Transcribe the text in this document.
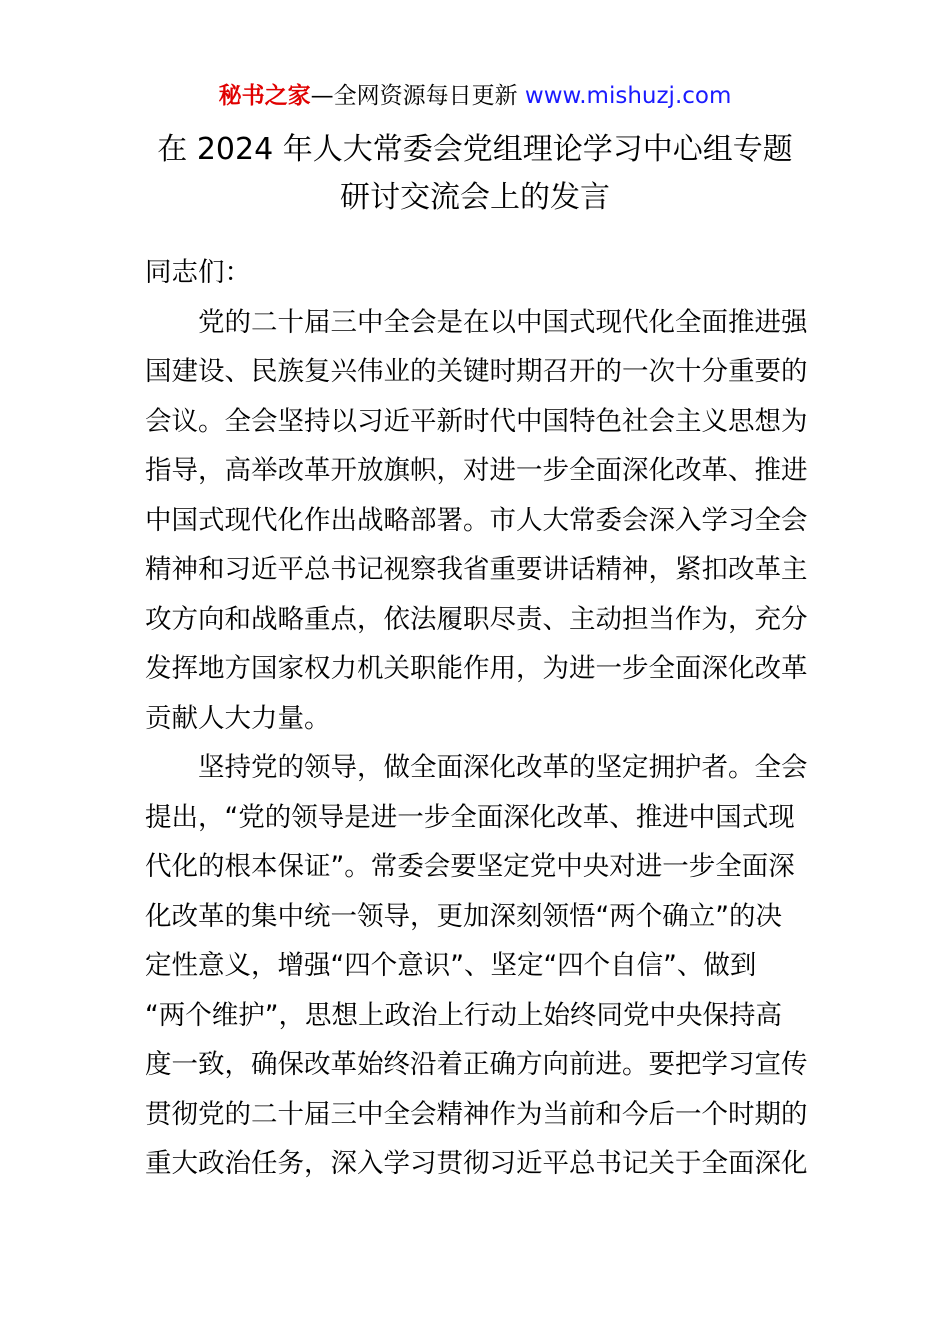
秘书之家—全网资源每日更新 www.mishuzj.com
在 2024 年人大常委会党组理论学习中心组专题
研讨交流会上的发言
同志们：
党的二十届三中全会是在以中国式现代化全面推进强
国建设、民族复兴伟业的关键时期召开的一次十分重要的
会议。全会坚持以习近平新时代中国特色社会主义思想为
指导，高举改革开放旗帜，对进一步全面深化改革、推进
中国式现代化作出战略部署。市人大常委会深入学习全会
精神和习近平总书记视察我省重要讲话精神，紧扣改革主
攻方向和战略重点，依法履职尽责、主动担当作为，充分
发挥地方国家权力机关职能作用，为进一步全面深化改革
贡献人大力量。
坚持党的领导，做全面深化改革的坚定拥护者。全会
提出，“党的领导是进一步全面深化改革、推进中国式现
代化的根本保证”。常委会要坚定党中央对进一步全面深
化改革的集中统一领导，更加深刻领悟“两个确立”的决
定性意义，增强“四个意识”、坚定“四个自信”、做到
“两个维护”，思想上政治上行动上始终同党中央保持高
度一致，确保改革始终沿着正确方向前进。要把学习宣传
贯彻党的二十届三中全会精神作为当前和今后一个时期的
重大政治任务，深入学习贯彻习近平总书记关于全面深化
